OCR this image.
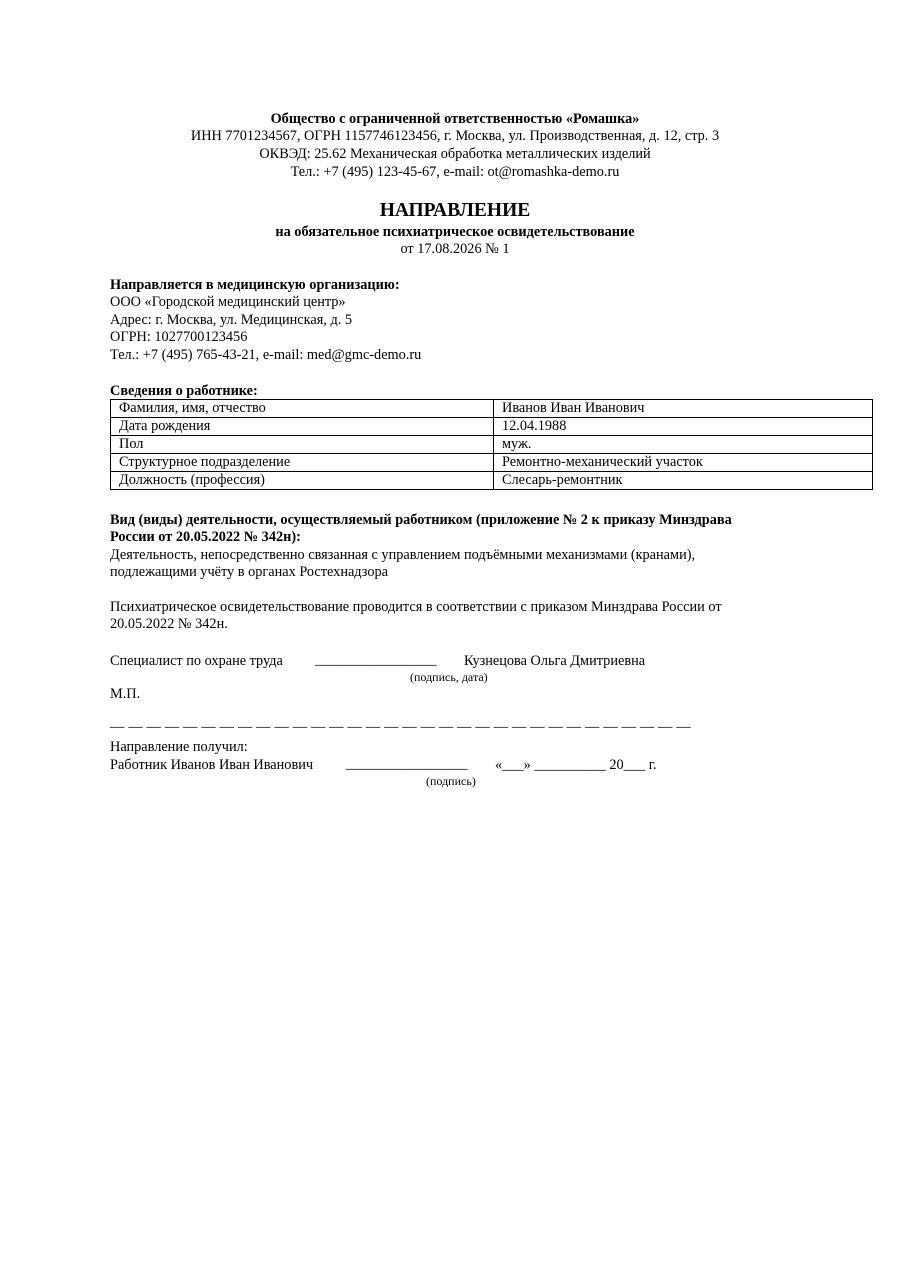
Общество с ограниченной ответственностью «Ромашка»
ИНН 7701234567, ОГРН 1157746123456, г. Москва, ул. Производственная, д. 12, стр. 3
ОКВЭД: 25.62 Механическая обработка металлических изделий
Тел.: +7 (495) 123-45-67, e-mail: ot@romashka-demo.ru
НАПРАВЛЕНИЕ
на обязательное психиатрическое освидетельствование
от 17.08.2026 № 1
Направляется в медицинскую организацию:
ООО «Городской медицинский центр»
Адрес: г. Москва, ул. Медицинская, д. 5
ОГРН: 1027700123456
Тел.: +7 (495) 765-43-21, e-mail: med@gmc-demo.ru
Сведения о работнике:
Фамилия, имя, отчество	Иванов Иван Иванович
Дата рождения	12.04.1988
Пол	муж.
Структурное подразделение	Ремонтно-механический участок
Должность (профессия)	Слесарь-ремонтник
Вид (виды) деятельности, осуществляемый работником (приложение № 2 к приказу Минздрава
России от 20.05.2022 № 342н):
Деятельность, непосредственно связанная с управлением подъёмными механизмами (кранами),
подлежащими учёту в органах Ростехнадзора
Психиатрическое освидетельствование проводится в соответствии с приказом Минздрава России от
20.05.2022 № 342н.
Специалист по охране труда _________________ Кузнецова Ольга Дмитриевна
(подпись, дата)
М.П.
— — — — — — — — — — — — — — — — — — — — — — — — — — — — — — — —
Направление получил:
Работник Иванов Иван Иванович _________________ «___» __________ 20___ г.
(подпись)
